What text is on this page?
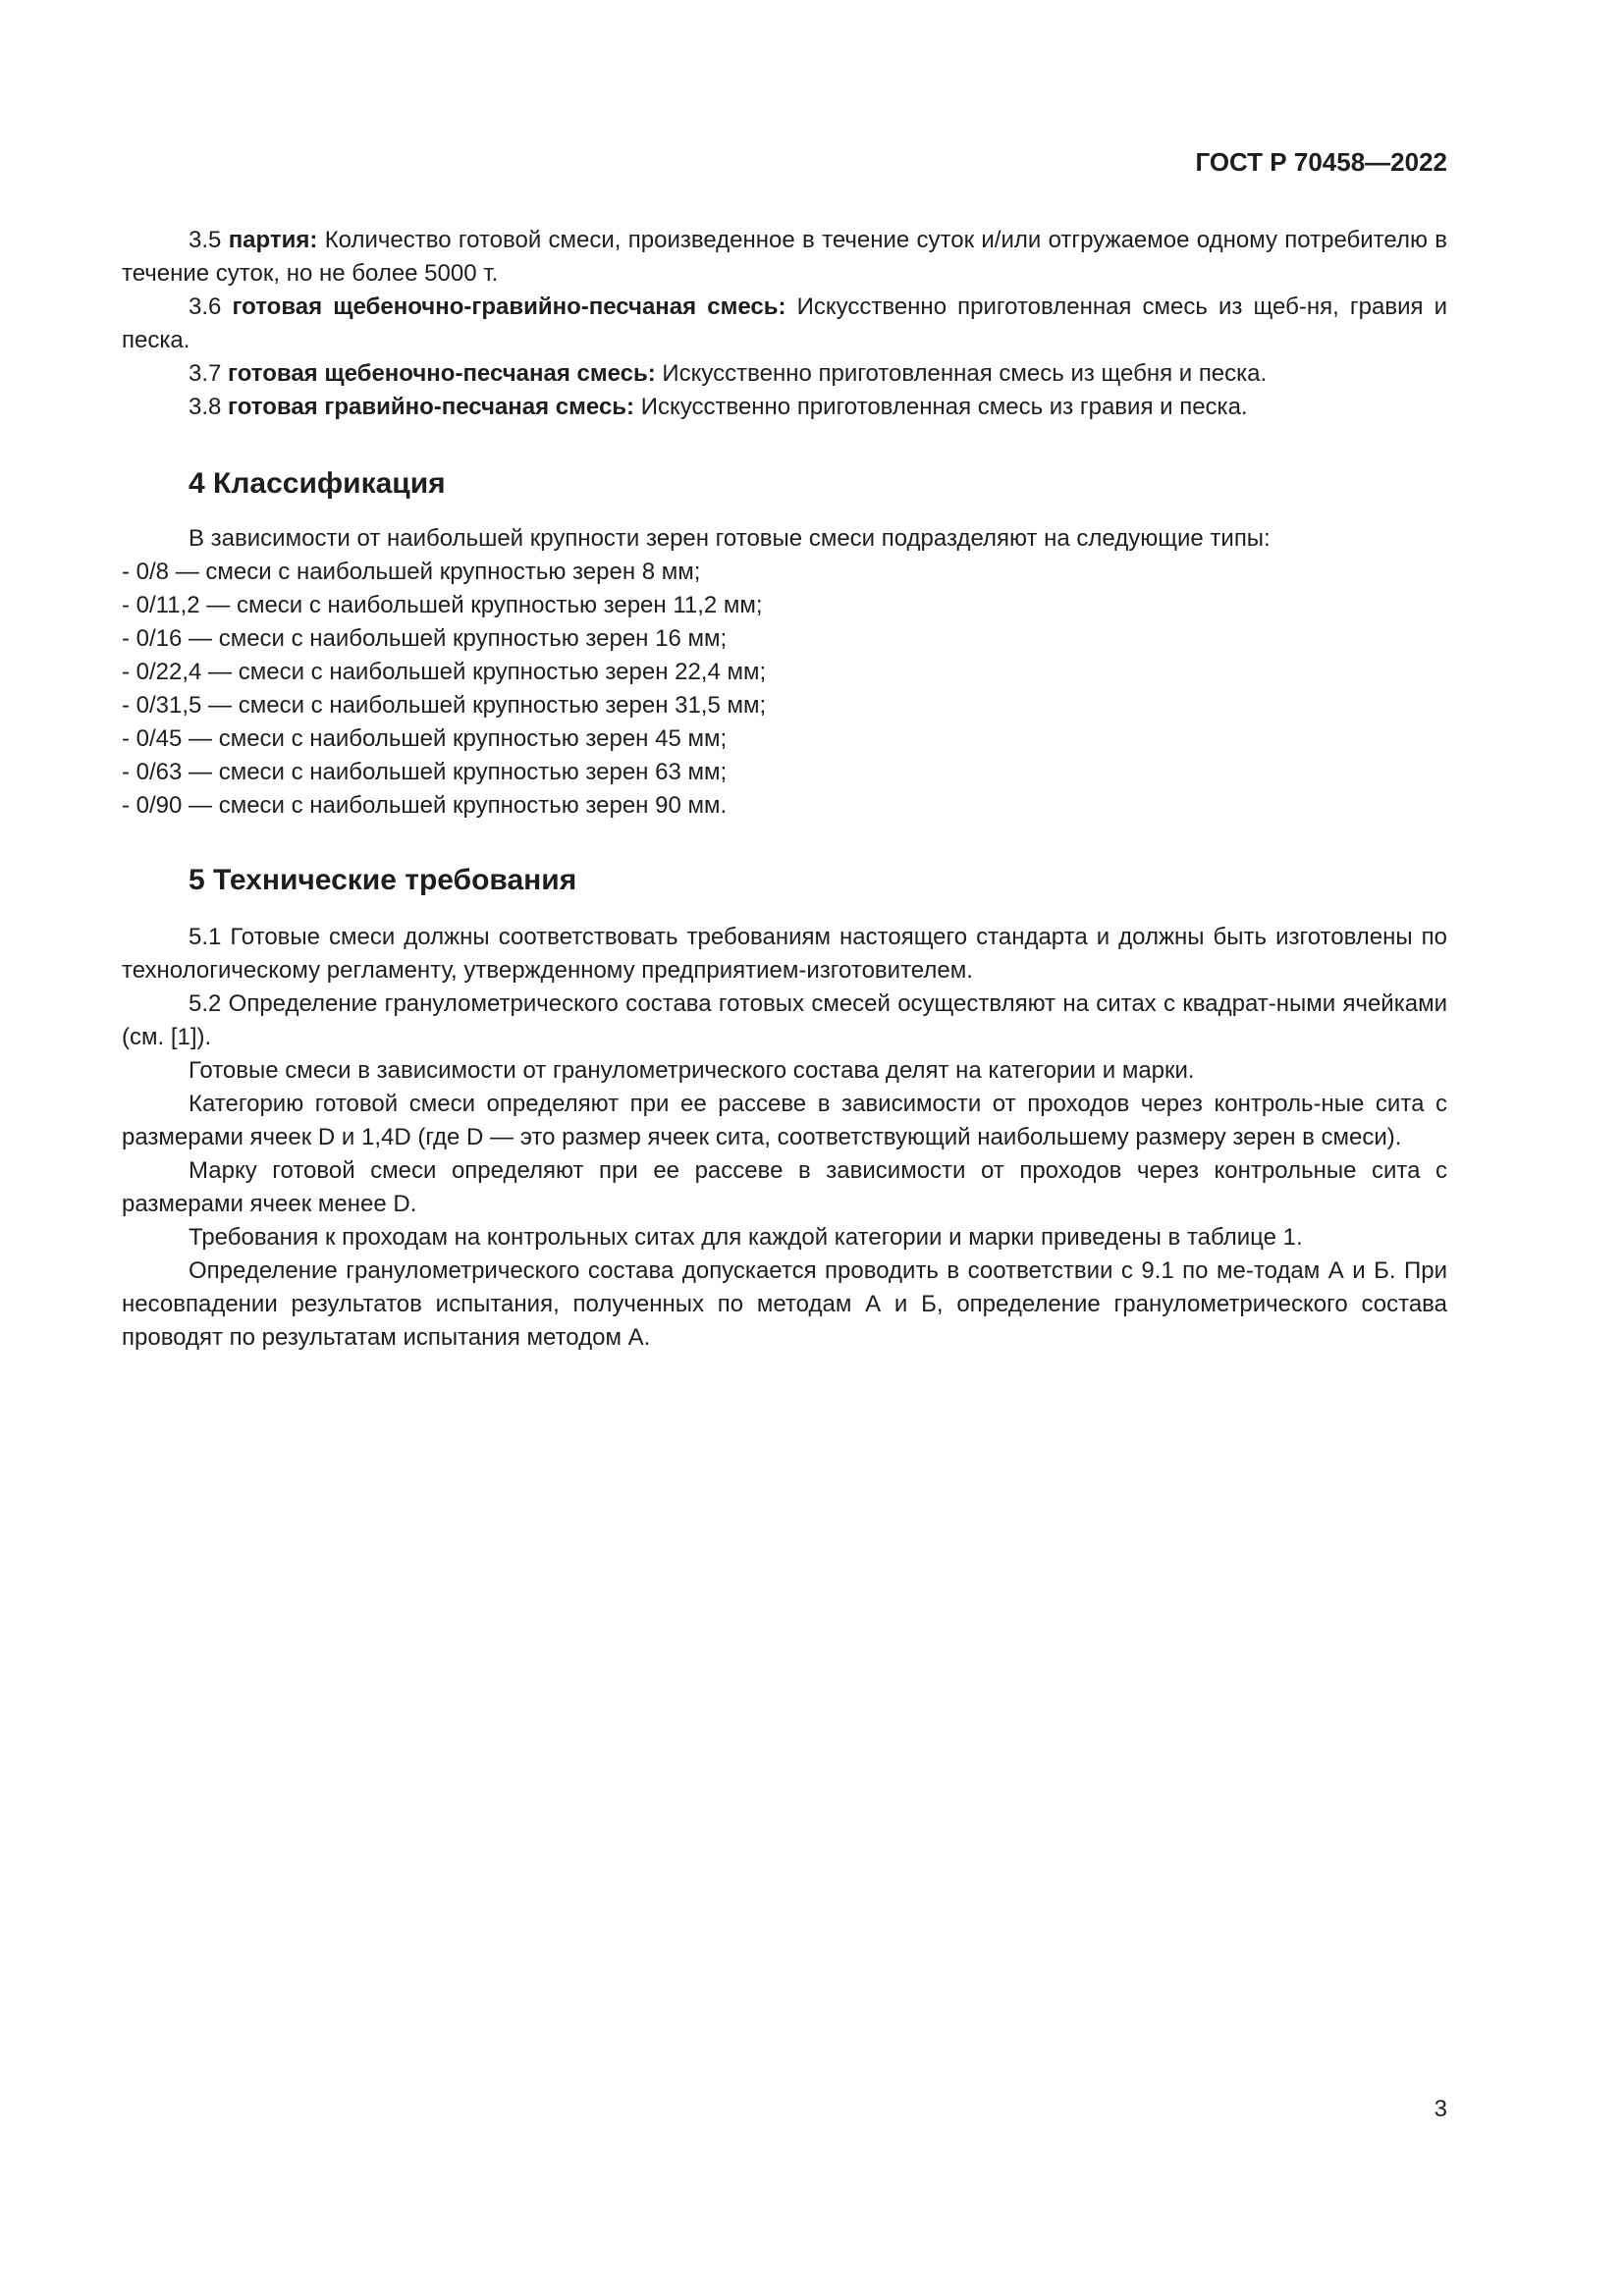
ГОСТ Р 70458—2022
3.5 партия: Количество готовой смеси, произведенное в течение суток и/или отгружаемое одному потребителю в течение суток, но не более 5000 т.
3.6 готовая щебеночно-гравийно-песчаная смесь: Искусственно приготовленная смесь из щеб-ня, гравия и песка.
3.7 готовая щебеночно-песчаная смесь: Искусственно приготовленная смесь из щебня и песка.
3.8 готовая гравийно-песчаная смесь: Искусственно приготовленная смесь из гравия и песка.
4 Классификация
В зависимости от наибольшей крупности зерен готовые смеси подразделяют на следующие типы:
- 0/8 — смеси с наибольшей крупностью зерен 8 мм;
- 0/11,2 — смеси с наибольшей крупностью зерен 11,2 мм;
- 0/16 — смеси с наибольшей крупностью зерен 16 мм;
- 0/22,4 — смеси с наибольшей крупностью зерен 22,4 мм;
- 0/31,5 — смеси с наибольшей крупностью зерен 31,5 мм;
- 0/45 — смеси с наибольшей крупностью зерен 45 мм;
- 0/63 — смеси с наибольшей крупностью зерен 63 мм;
- 0/90 — смеси с наибольшей крупностью зерен 90 мм.
5 Технические требования
5.1 Готовые смеси должны соответствовать требованиям настоящего стандарта и должны быть изготовлены по технологическому регламенту, утвержденному предприятием-изготовителем.
5.2 Определение гранулометрического состава готовых смесей осуществляют на ситах с квадрат-ными ячейками (см. [1]).
Готовые смеси в зависимости от гранулометрического состава делят на категории и марки.
Категорию готовой смеси определяют при ее рассеве в зависимости от проходов через контроль-ные сита с размерами ячеек D и 1,4D (где D — это размер ячеек сита, соответствующий наибольшему размеру зерен в смеси).
Марку готовой смеси определяют при ее рассеве в зависимости от проходов через контрольные сита с размерами ячеек менее D.
Требования к проходам на контрольных ситах для каждой категории и марки приведены в таблице 1.
Определение гранулометрического состава допускается проводить в соответствии с 9.1 по ме-тодам А и Б. При несовпадении результатов испытания, полученных по методам А и Б, определение гранулометрического состава проводят по результатам испытания методом А.
3
